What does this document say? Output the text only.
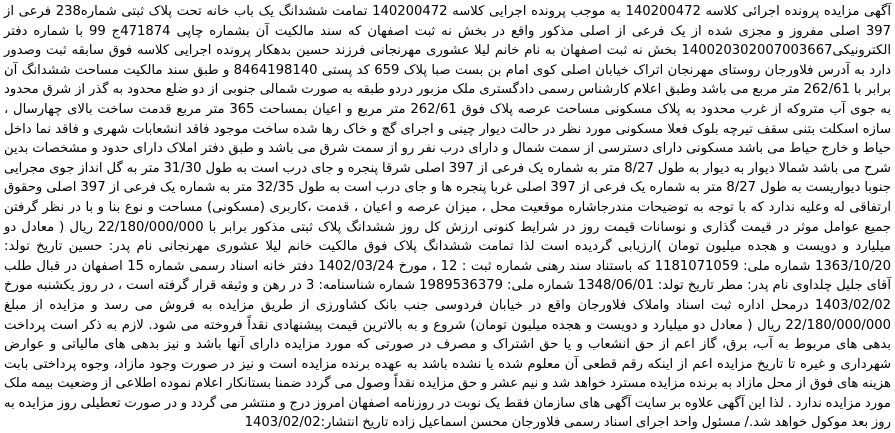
آگهی مزایده پرونده اجرائی کلاسه 140200472 به موجب پرونده اجرایی کلاسه 140200472 تمامت ششدانگ یک باب خانه تحت پلاک ثبتی شماره238 فرعی از 397 اصلی مفروز و مجزی شده از یک فرعی از اصلی مذکور واقع در بخش نه ثبت اصفهان که سند مالکیت آن بشماره چاپی 471874ج 99 با شماره دفتر الکترونیکی140020302007003667 بخش نه ثبت اصفهان به نام خانم لیلا عشوری مهرنجانی فرزند حسین بدهکار پرونده اجرایی کلاسه فوق سابقه ثبت وصدور دارد به آدرس فلاورجان روستای مهرنجان اتراک خیابان اصلی کوی امام بن بست صبا پلاک 659 کد پستی 8464198140 و طبق سند مالکیت مساحت ششدانگ آن برابر با 262/61 متر مربع می باشد وطبق اعلام کارشناس رسمی دادگستری ملک مزبور دردو طبقه به صورت شمالی جنوبی از دو ضلع محدود به گذر از شرق محدود به جوی آب متروکه از غرب محدود به پلاک مسکونی مساحت عرصه پلاک فوق 262/61 متر مربع و اعیان بمساحت 365 متر مربع قدمت ساخت بالای چهارسال ، سازه اسکلت بتنی سقف تیرچه بلوک فعلا مسکونی مورد نظر در حالت دیوار چینی و اجرای گچ و خاک رها شده ساخت موجود فاقد انشعابات شهری و فاقد نما داخل حیاط و خارج حیاط می باشد مسکونی دارای دسترسی از سمت شمال و دارای درب نفر رو از سمت شرق می باشد و طبق دفتر املاک دارای حدود و مشخصات بدین شرح می باشد شمالا دیوار به دیوار به طول 8/27 متر به شماره یک فرعی از 397 اصلی شرقا پنجره و جای درب است به طول 31/30 متر به گل انداز جوی مجرایی جنوبا دیواریست به طول 8/27 متر به شماره یک فرعی از 397 اصلی غربا پنجره ها و جای درب است به طول 32/35 متر به شماره یک فرعی از 397 اصلی وحقوق ارتفاقی له وعلیه ندارد که با توجه به توضیحات مندرجاشاره موقعیت محل ، میزان عرصه و اعیان ، قدمت ،کاربری (مسکونی) مساحت و نوع بنا و با در نظر گرفتن جمیع عوامل موثر در قیمت گذاری و نوسانات قیمت روز در شرایط کنونی ارزش کل روز ششدانگ پلاک ثبتی مذکور برابر با 22/180/000/000 ریال ( معادل دو میلیارد و دویست و هجده میلیون تومان )ارزیابی گردیده است لذا تمامت ششدانگ پلاک فوق مالکیت خانم لیلا عشوری مهرنجانی نام پدر: حسین تاریخ تولد: 1363/10/20 شماره ملی: 1181071059 که باستناد سند رهنی شماره ثبت : 12 ، مورخ 1402/03/24 دفتر خانه اسناد رسمی شماره 15 اصفهان در قبال طلب آقای جلیل چلداوی نام پدر: مطر تاریخ تولد: 1348/06/01 شماره ملی: 1989536379 شماره شناسنامه: 3 در رهن و وثیقه قرار گرفته است ، در روز یکشنبه مورخ 1403/02/02 درمحل اداره ثبت اسناد واملاک فلاورجان واقع در خیابان فردوسی جنب بانک کشاورزی از طریق مزایده به فروش می رسد و مزایده از مبلغ 22/180/000/000 ریال ( معادل دو میلیارد و دویست و هجده میلیون تومان) شروع و به بالاترین قیمت پیشنهادی نقداً فروخته می شود. لازم به ذکر است پرداخت بدهی های مربوط به آب، برق، گاز اعم از حق انشعاب و یا حق اشتراک و مصرف در صورتی که مورد مزایده دارای آنها باشد و نیز بدهی های مالیاتی و عوارض شهرداری و غیره تا تاریخ مزایده اعم از اینکه رقم قطعی آن معلوم شده یا نشده باشد به عهده برنده مزایده است و نیز در صورت وجود مازاد، وجوه پرداختی بابت هزینه های فوق از محل مازاد به برنده مزایده مسترد خواهد شد و نیم عشر و حق مزایده نقداً وصول می گردد ضمنا بستانکار اعلام نموده اطلاعی از وضعیت بیمه ملک مورد مزایده ندارد . لذا این آگهی علاوه بر سایت آگهی های سازمان فقط یک نوبت در روزنامه اصفهان امروز درج و منتشر می گردد و در صورت تعطیلی روز مزایده به روز بعد موکول خواهد شد./ مسئول واحد اجرای اسناد رسمی فلاورجان محسن اسماعیل زاده تاریخ انتشار:1403/02/02
